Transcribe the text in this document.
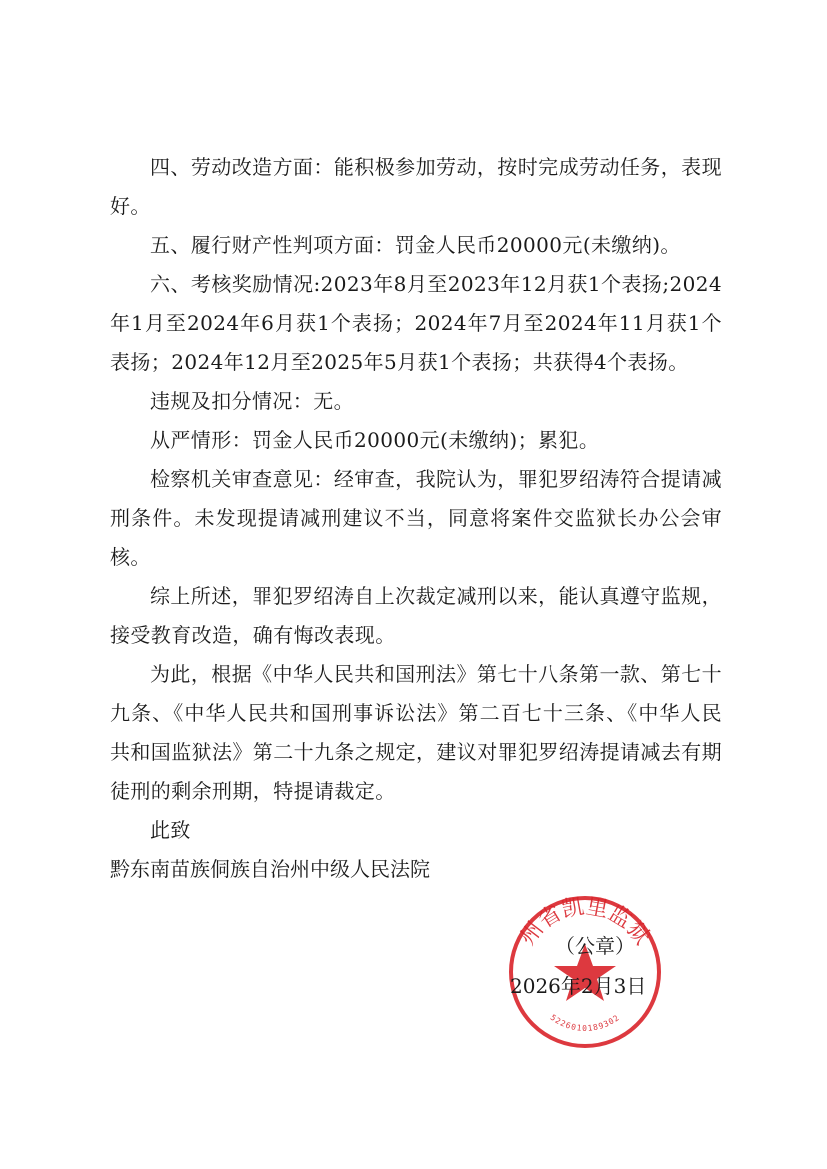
四、劳动改造方面：能积极参加劳动，按时完成劳动任务，表现好。

五、履行财产性判项方面：罚金人民币20000元(未缴纳)。

六、考核奖励情况:2023年8月至2023年12月获1个表扬;2024年1月至2024年6月获1个表扬；2024年7月至2024年11月获1个表扬；2024年12月至2025年5月获1个表扬；共获得4个表扬。

违规及扣分情况：无。

从严情形：罚金人民币20000元(未缴纳)；累犯。

检察机关审查意见：经审查，我院认为，罪犯罗绍涛符合提请减刑条件。未发现提请减刑建议不当，同意将案件交监狱长办公会审核。

综上所述，罪犯罗绍涛自上次裁定减刑以来，能认真遵守监规，接受教育改造，确有悔改表现。

为此，根据《中华人民共和国刑法》第七十八条第一款、第七十九条、《中华人民共和国刑事诉讼法》第二百七十三条、《中华人民共和国监狱法》第二十九条之规定，建议对罪犯罗绍涛提请减去有期徒刑的剩余刑期，特提请裁定。

此致

黔东南苗族侗族自治州中级人民法院

州省凯里监狱
5226010189302
（公章）
2026年2月3日
